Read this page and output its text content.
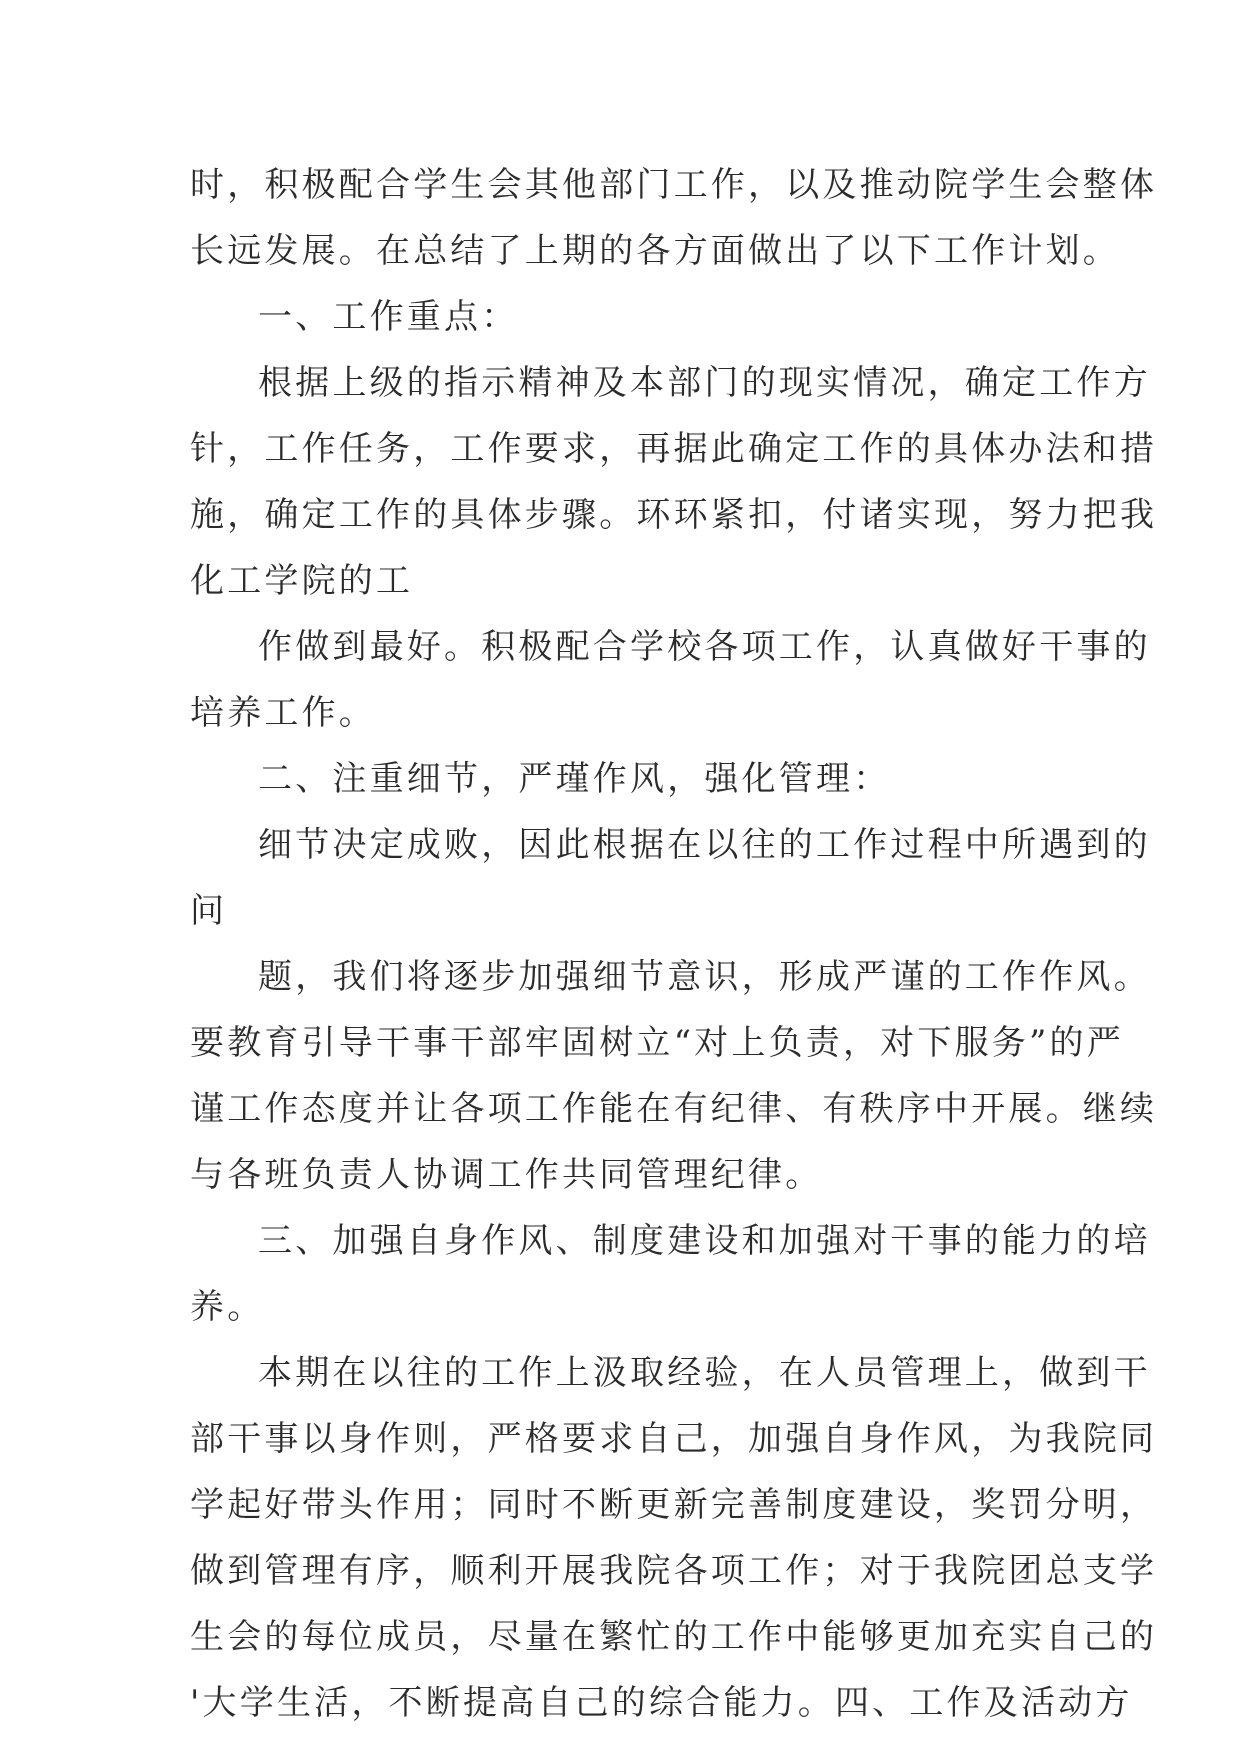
时，积极配合学生会其他部门工作，以及推动院学生会整体
长远发展。在总结了上期的各方面做出了以下工作计划。
一、工作重点：
根据上级的指示精神及本部门的现实情况，确定工作方
针，工作任务，工作要求，再据此确定工作的具体办法和措
施，确定工作的具体步骤。环环紧扣，付诸实现，努力把我
化工学院的工
作做到最好。积极配合学校各项工作，认真做好干事的
培养工作。
二、注重细节，严瑾作风，强化管理：
细节决定成败，因此根据在以往的工作过程中所遇到的
问
题，我们将逐步加强细节意识，形成严谨的工作作风。
要教育引导干事干部牢固树立“对上负责，对下服务”的严
谨工作态度并让各项工作能在有纪律、有秩序中开展。继续
与各班负责人协调工作共同管理纪律。
三、加强自身作风、制度建设和加强对干事的能力的培
养。
本期在以往的工作上汲取经验，在人员管理上，做到干
部干事以身作则，严格要求自己，加强自身作风，为我院同
学起好带头作用；同时不断更新完善制度建设，奖罚分明，
做到管理有序，顺利开展我院各项工作；对于我院团总支学
生会的每位成员，尽量在繁忙的工作中能够更加充实自己的
'大学生活，不断提高自己的综合能力。四、工作及活动方
